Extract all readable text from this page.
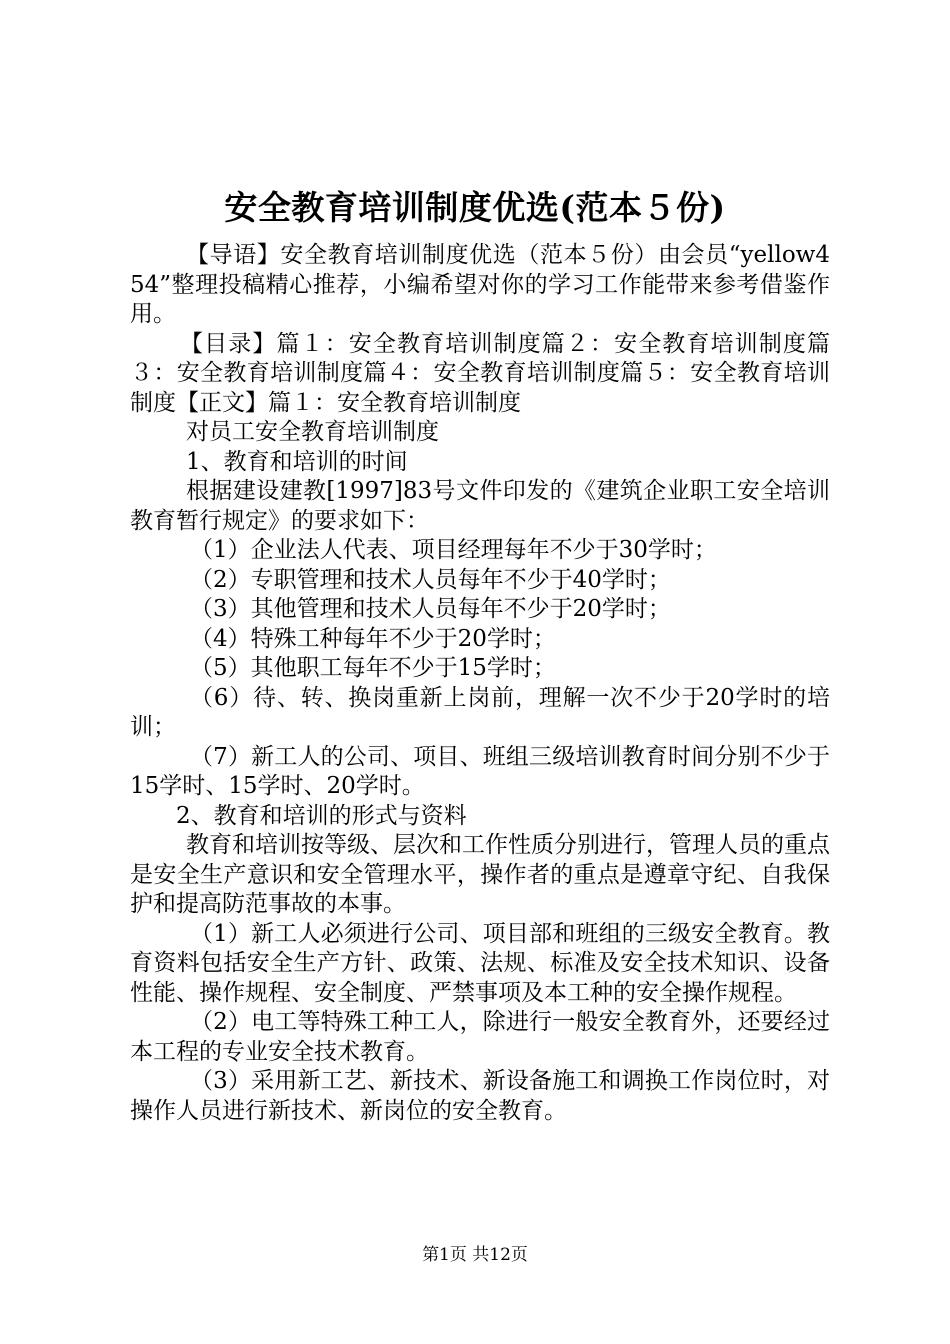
安全教育培训制度优选(范本５份)

【导语】安全教育培训制度优选（范本５份）由会员“yellow454”整理投稿精心推荐，小编希望对你的学习工作能带来参考借鉴作用。

【目录】篇１：安全教育培训制度篇２：安全教育培训制度篇３：安全教育培训制度篇４：安全教育培训制度篇５：安全教育培训制度【正文】篇１：安全教育培训制度

对员工安全教育培训制度

1、教育和培训的时间

根据建设建教[1997]83号文件印发的《建筑企业职工安全培训教育暂行规定》的要求如下：

（1）企业法人代表、项目经理每年不少于30学时；

（2）专职管理和技术人员每年不少于40学时；

（3）其他管理和技术人员每年不少于20学时；

（4）特殊工种每年不少于20学时；

（5）其他职工每年不少于15学时；

（6）待、转、换岗重新上岗前，理解一次不少于20学时的培训；

（7）新工人的公司、项目、班组三级培训教育时间分别不少于15学时、15学时、20学时。

2、教育和培训的形式与资料

教育和培训按等级、层次和工作性质分别进行，管理人员的重点是安全生产意识和安全管理水平，操作者的重点是遵章守纪、自我保护和提高防范事故的本事。

（1）新工人必须进行公司、项目部和班组的三级安全教育。教育资料包括安全生产方针、政策、法规、标准及安全技术知识、设备性能、操作规程、安全制度、严禁事项及本工种的安全操作规程。

（2）电工等特殊工种工人，除进行一般安全教育外，还要经过本工程的专业安全技术教育。

（3）采用新工艺、新技术、新设备施工和调换工作岗位时，对操作人员进行新技术、新岗位的安全教育。

第1页 共12页
